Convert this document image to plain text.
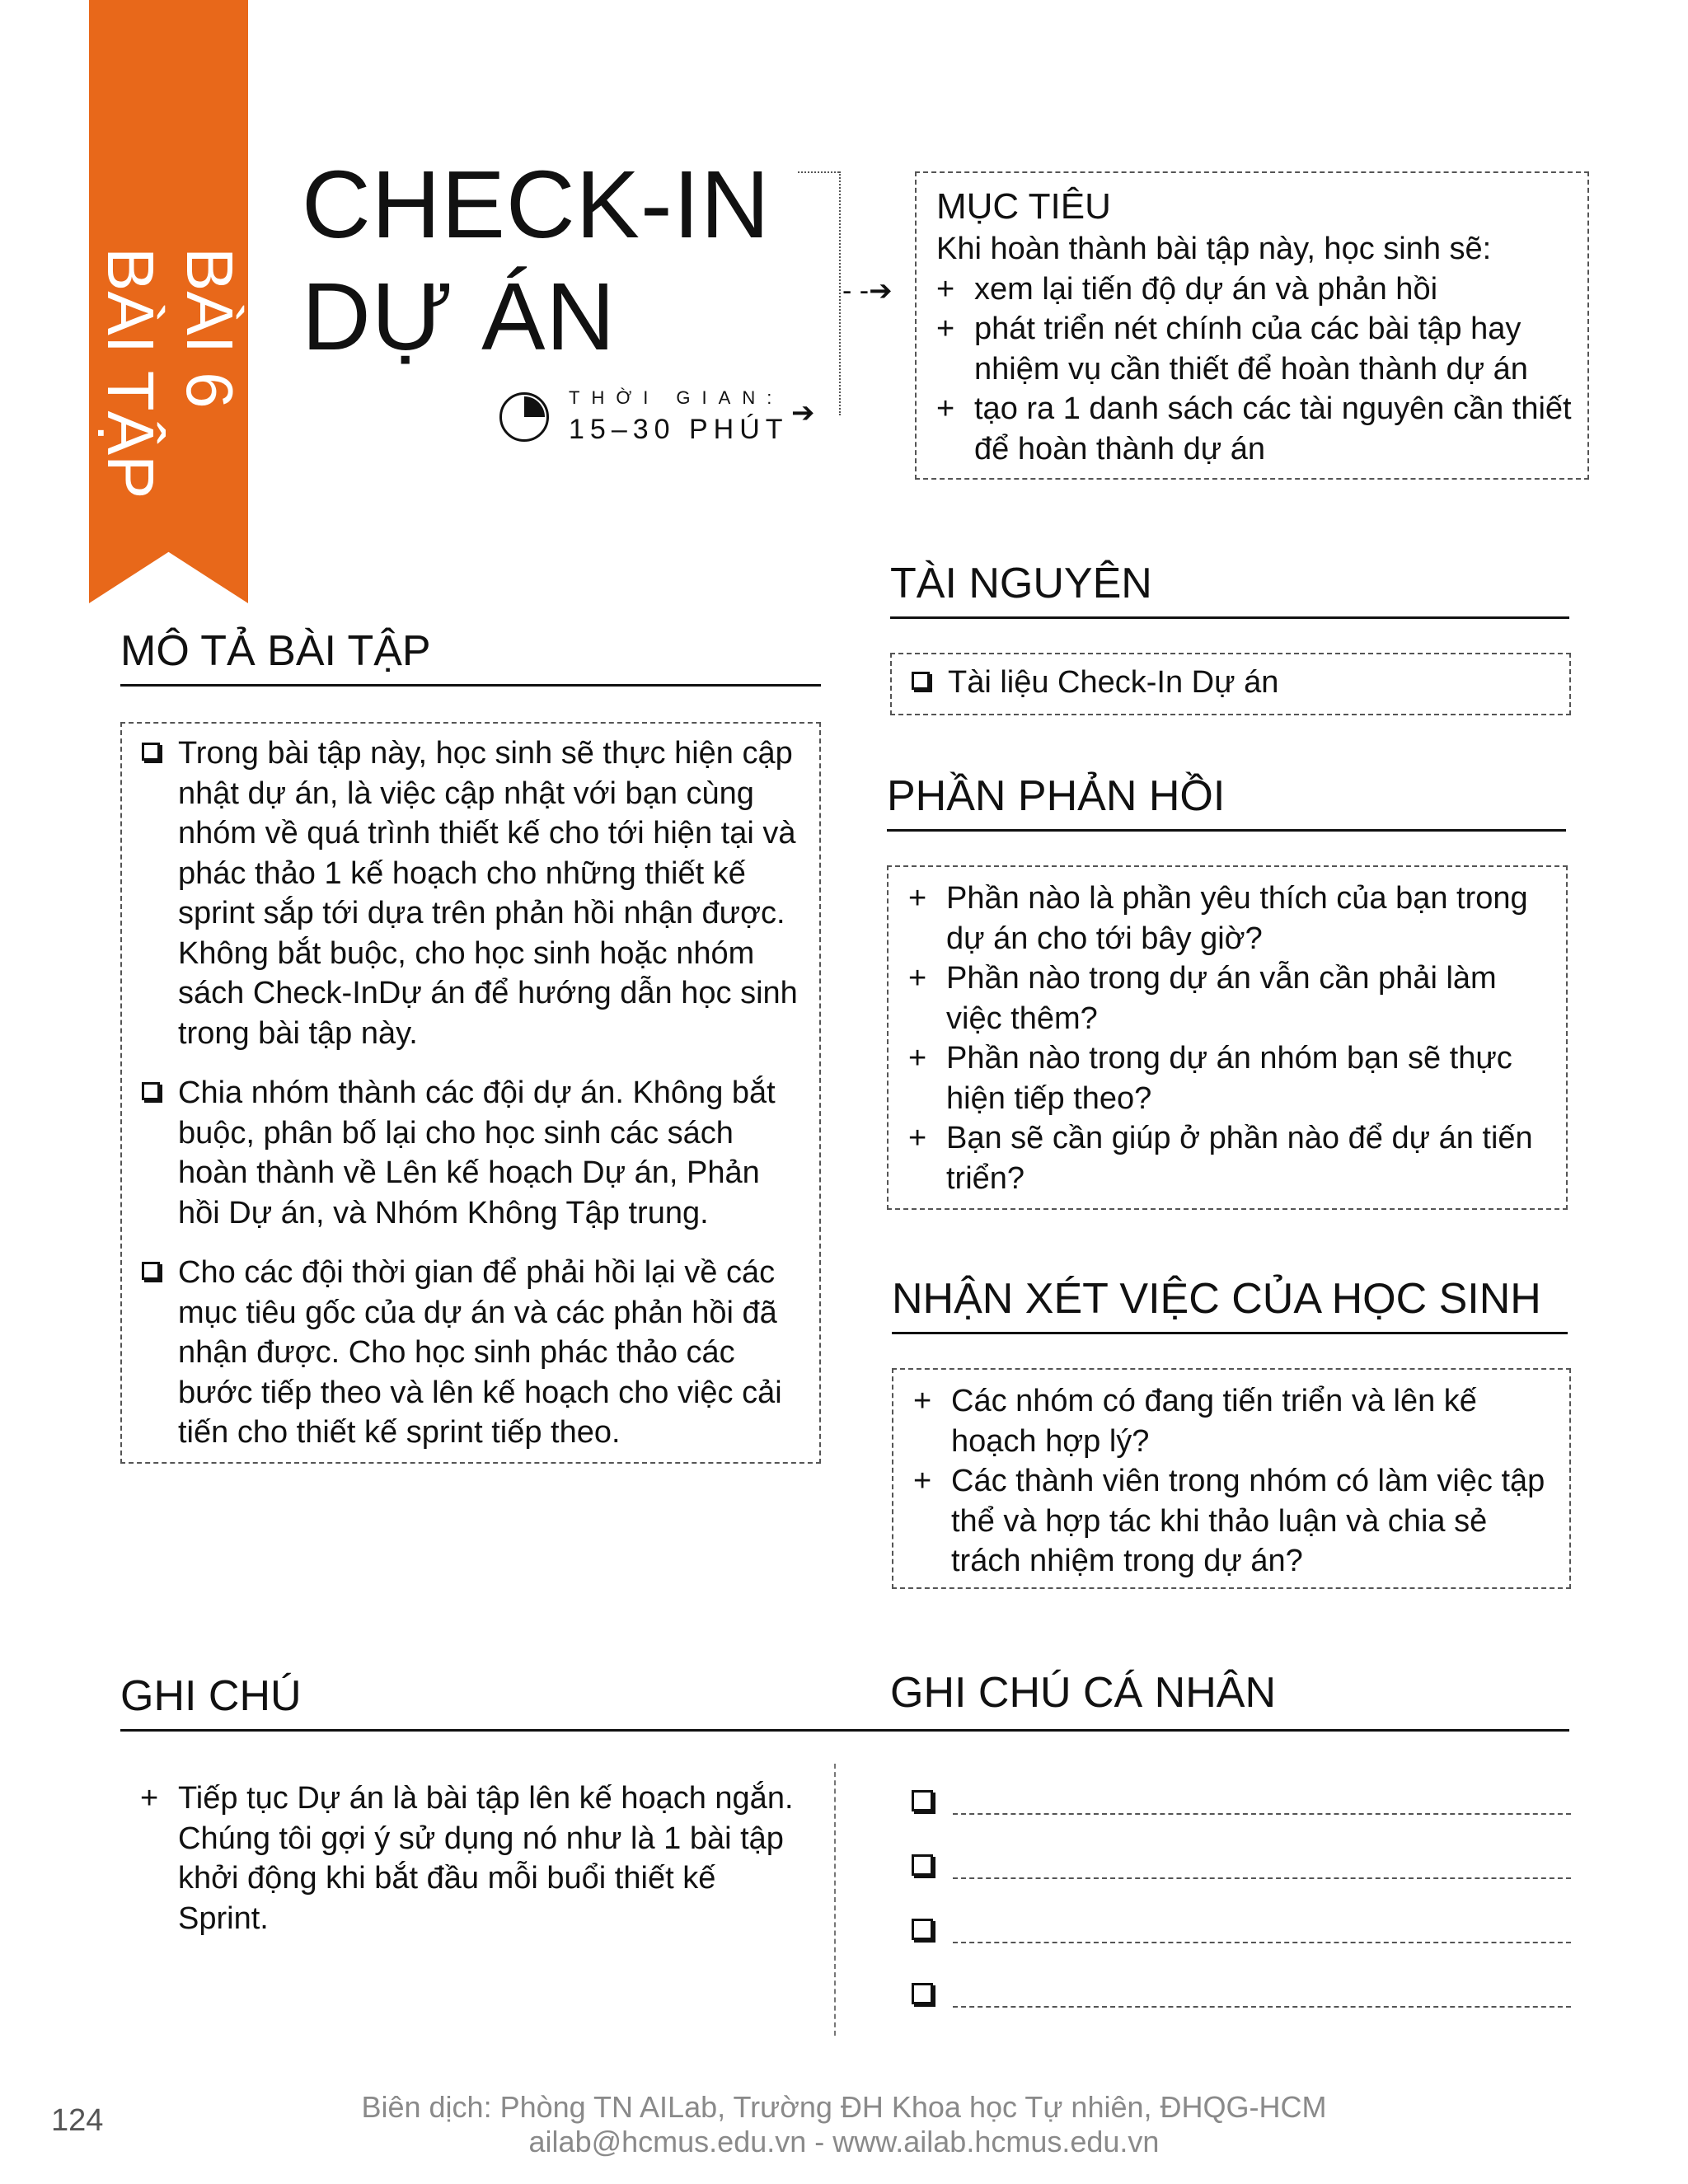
BÀI 6
BÀI TẬP
CHECK-IN
DỰ ÁN
THỜI GIAN:
15–30 PHÚT
- -➔
➔
MỤC TIÊU
Khi hoàn thành bài tập này, học sinh sẽ:
+ xem lại tiến độ dự án và phản hồi
+ phát triển nét chính của các bài tập hay nhiệm vụ cần thiết để hoàn thành dự án
+ tạo ra 1 danh sách các tài nguyên cần thiết để hoàn thành dự án
TÀI NGUYÊN
Tài liệu Check-In Dự án
MÔ TẢ BÀI TẬP
Trong bài tập này, học sinh sẽ thực hiện cập nhật dự án, là việc cập nhật với bạn cùng nhóm về quá trình thiết kế cho tới hiện tại và phác thảo 1 kế hoạch cho những thiết kế sprint sắp tới dựa trên phản hồi nhận được. Không bắt buộc, cho học sinh hoặc nhóm sách Check-InDự án để hướng dẫn học sinh trong bài tập này.
Chia nhóm thành các đội dự án. Không bắt buộc, phân bố lại cho học sinh các sách hoàn thành về Lên kế hoạch Dự án, Phản hồi Dự án, và Nhóm Không Tập trung.
Cho các đội thời gian để phải hồi lại về các mục tiêu gốc của dự án và các phản hồi đã nhận được. Cho học sinh phác thảo các bước tiếp theo và lên kế hoạch cho việc cải tiến cho thiết kế sprint tiếp theo.
PHẦN PHẢN HỒI
+ Phần nào là phần yêu thích của bạn trong dự án cho tới bây giờ?
+ Phần nào trong dự án vẫn cần phải làm việc thêm?
+ Phần nào trong dự án nhóm bạn sẽ thực hiện tiếp theo?
+ Bạn sẽ cần giúp ở phần nào để dự án tiến triển?
NHẬN XÉT VIỆC CỦA HỌC SINH
+ Các nhóm có đang tiến triển và lên kế hoạch hợp lý?
+ Các thành viên trong nhóm có làm việc tập thể và hợp tác khi thảo luận và chia sẻ trách nhiệm trong dự án?
GHI CHÚ	GHI CHÚ CÁ NHÂN
+ Tiếp tục Dự án là bài tập lên kế hoạch ngắn. Chúng tôi gợi ý sử dụng nó như là 1 bài tập khởi động khi bắt đầu mỗi buổi thiết kế Sprint.
124	Biên dịch: Phòng TN AILab, Trường ĐH Khoa học Tự nhiên, ĐHQG-HCM
ailab@hcmus.edu.vn - www.ailab.hcmus.edu.vn
